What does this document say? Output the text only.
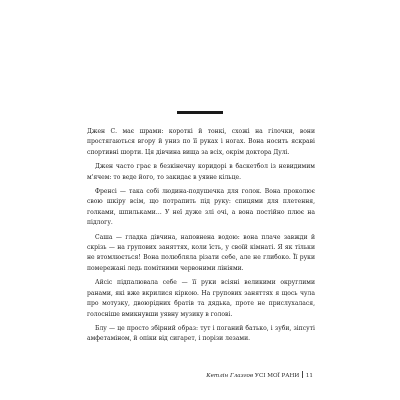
Джен С. має шрами: короткі й тонкі, схожі на гілочки, вони простягаються вгору й униз по її руках і ногах. Вона носить яскраві спортивні шорти. Ця дівчина вища за всіх, окрім доктора Дулі.

Джен часто грає в безкінечну коридорі в баскетбол із невидимим м'ячем: то веде його, то закидає в уявне кільце.

Френсі — така собі людина-подушечка для голок. Вона проколює свою шкіру всім, що потрапить під руку: спицями для плетення, голками, шпильками… У неї дуже злі очі, а вона постійно плює на підлогу.

Саша — гладка дівчина, наповнена водою: вона плаче завжди й скрізь — на групових заняттях, коли їсть, у своїй кімнаті. Я як тільки не втомлюється! Вона полюбляла різати себе, але не глибоко. Її руки помережані ледь помітними червоними лініями.

Айсіс підпалювала себе — її руки всіяні великими округлими ранами, які вже вкрилися кіркою. На групових заняттях я щось чула про мотузку, двоюрідних братів та дядька, проте не прислухалася, голосніше вмикнувши уявну музику в голові.

Блу — це просто збірний образ: тут і поганий батько, і зуби, зіпсуті амфетаміном, й опіки від сигарет, і порізи лезами.

Кетлін Глазгов УСІ МОЇ РАНИ 11
